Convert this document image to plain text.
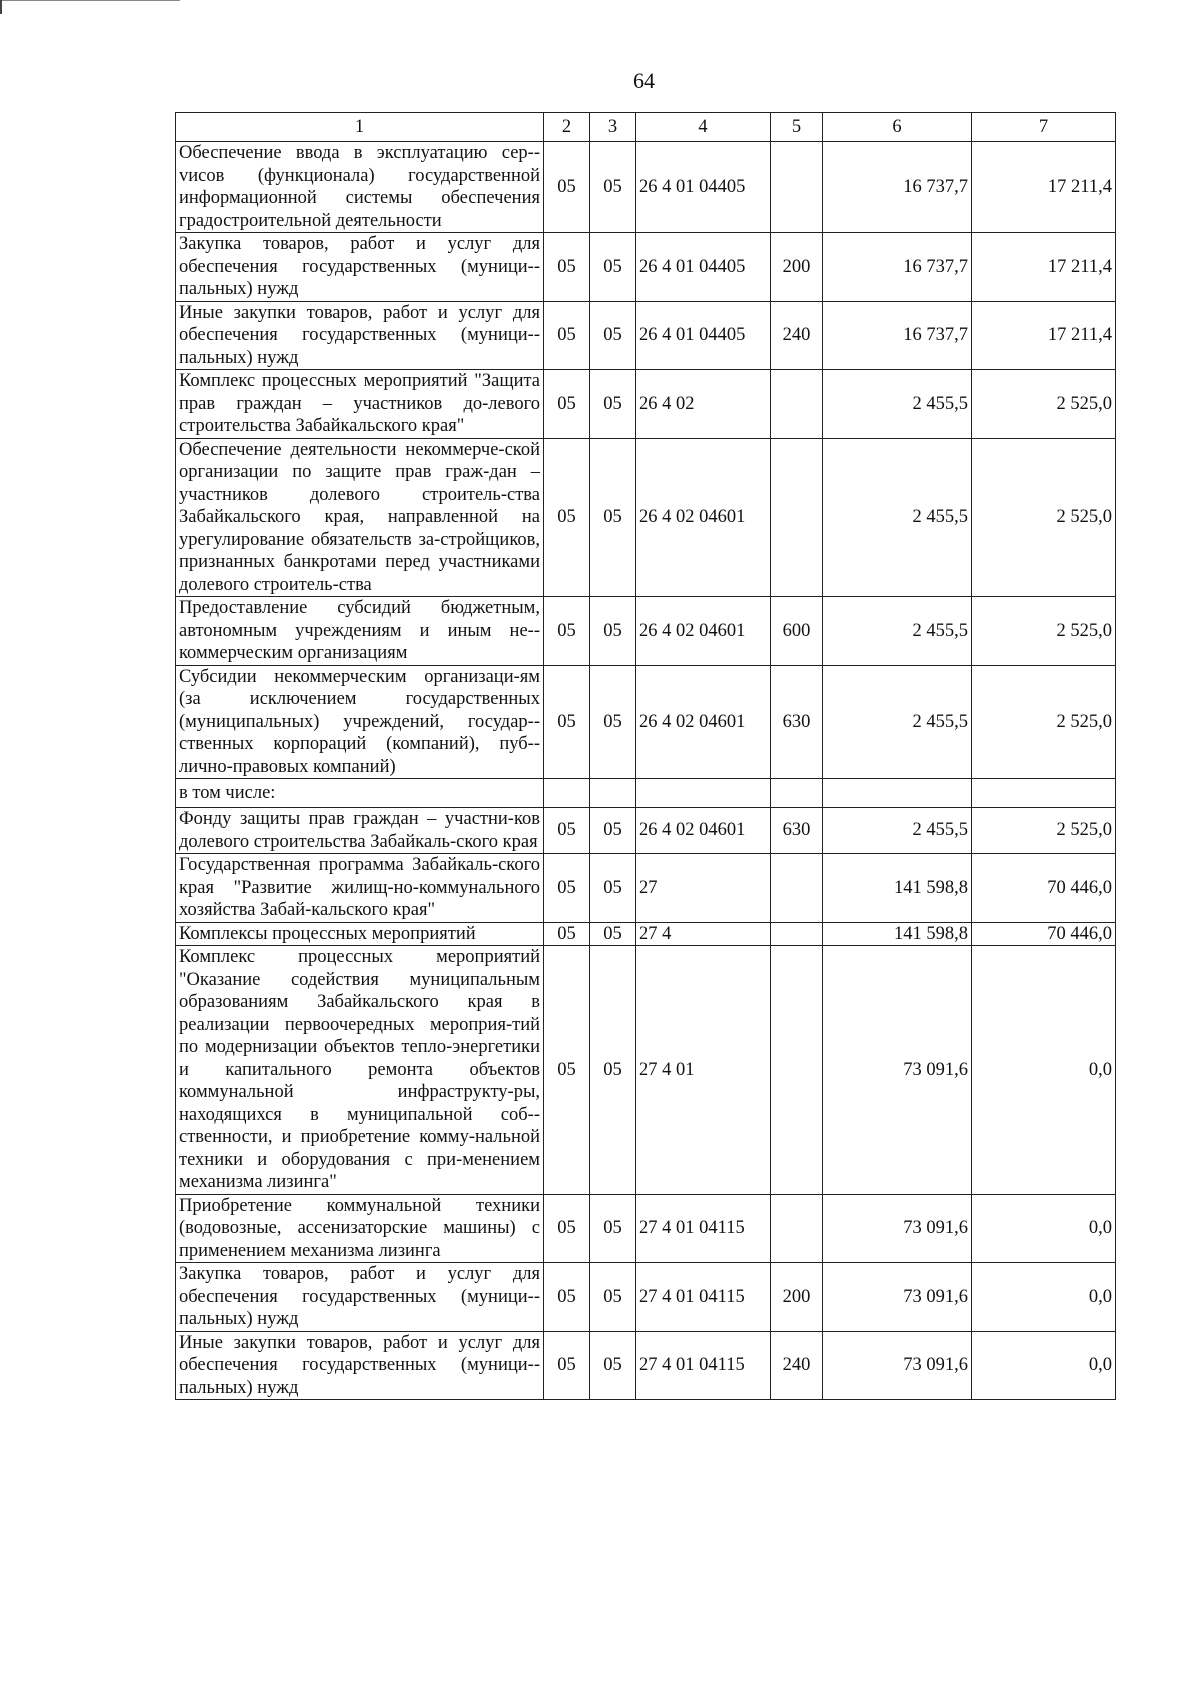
64
1	2	3	4	5	6	7
Обеспечение ввода в эксплуатацию сер-vисов (функционала) государственной информационной системы обеспечения градостроительной деятельности	05	05	26 4 01 04405		16 737,7	17 211,4
Закупка товаров, работ и услуг для обеспечения государственных (муници-пальных) нужд	05	05	26 4 01 04405	200	16 737,7	17 211,4
Иные закупки товаров, работ и услуг для обеспечения государственных (муници-пальных) нужд	05	05	26 4 01 04405	240	16 737,7	17 211,4
Комплекс процессных мероприятий "Защита прав граждан – участников до-левого строительства Забайкальского края"	05	05	26 4 02		2 455,5	2 525,0
Обеспечение деятельности некоммерче-ской организации по защите прав граж-дан – участников долевого строитель-ства Забайкальского края, направленной на урегулирование обязательств за-стройщиков, признанных банкротами перед участниками долевого строитель-ства	05	05	26 4 02 04601		2 455,5	2 525,0
Предоставление субсидий бюджетным, автономным учреждениям и иным не-коммерческим организациям	05	05	26 4 02 04601	600	2 455,5	2 525,0
Субсидии некоммерческим организаци-ям (за исключением государственных (муниципальных) учреждений, государ-ственных корпораций (компаний), пуб-лично-правовых компаний)	05	05	26 4 02 04601	630	2 455,5	2 525,0
в том числе:						
Фонду защиты прав граждан – участни-ков долевого строительства Забайкаль-ского края	05	05	26 4 02 04601	630	2 455,5	2 525,0
Государственная программа Забайкаль-ского края "Развитие жилищ-но-коммунального хозяйства Забай-кальского края"	05	05	27		141 598,8	70 446,0
Комплексы процессных мероприятий	05	05	27 4		141 598,8	70 446,0
Комплекс процессных мероприятий "Оказание содействия муниципальным образованиям Забайкальского края в реализации первоочередных мероприя-тий по модернизации объектов тепло-энергетики и капитального ремонта объектов коммунальной инфраструкту-ры, находящихся в муниципальной соб-ственности, и приобретение комму-нальной техники и оборудования с при-менением механизма лизинга"	05	05	27 4 01		73 091,6	0,0
Приобретение коммунальной техники (водовозные, ассенизаторские машины) с применением механизма лизинга	05	05	27 4 01 04115		73 091,6	0,0
Закупка товаров, работ и услуг для обеспечения государственных (муници-пальных) нужд	05	05	27 4 01 04115	200	73 091,6	0,0
Иные закупки товаров, работ и услуг для обеспечения государственных (муници-пальных) нужд	05	05	27 4 01 04115	240	73 091,6	0,0
